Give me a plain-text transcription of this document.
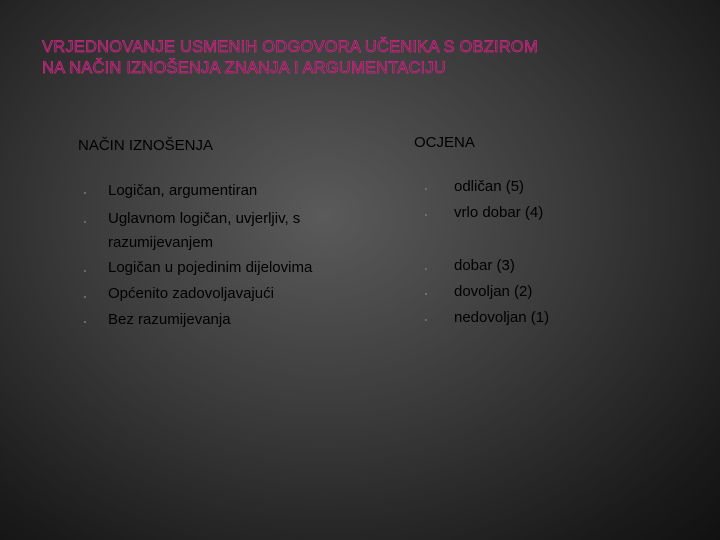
VRJEDNOVANJE USMENIH ODGOVORA UČENIKA S OBZIROM
NA NAČIN IZNOŠENJA ZNANJA I ARGUMENTACIJU
NAČIN IZNOŠENJA	OCJENA
Logičan, argumentiran
Uglavnom logičan, uvjerljiv, s
razumijevanjem
Logičan u pojedinim dijelovima
Općenito zadovoljavajući
Bez razumijevanja
odličan (5)
vrlo dobar (4)
dobar (3)
dovoljan (2)
nedovoljan (1)
